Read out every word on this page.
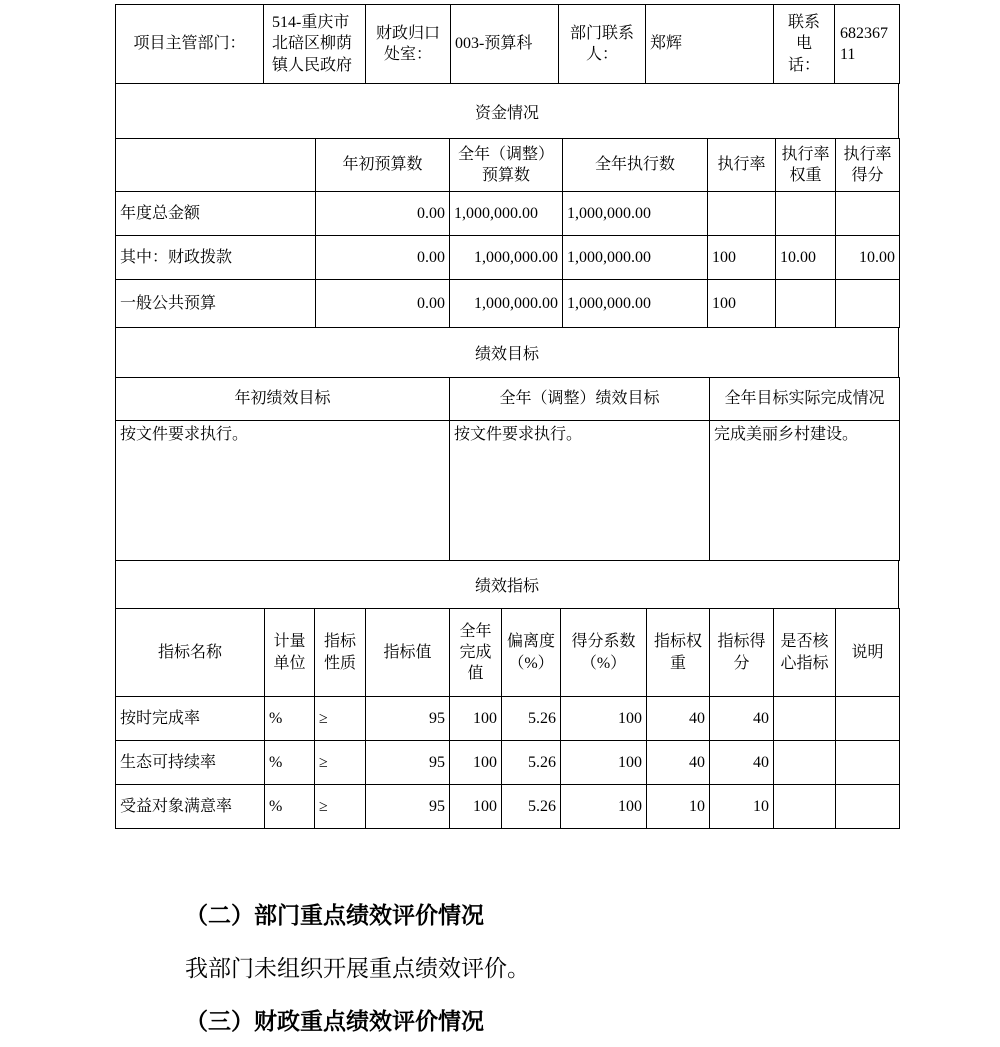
项目主管部门：	514-重庆市北碚区柳荫镇人民政府	财政归口处室：	003-预算科	部门联系人：	郑辉	联系电话：	68236711
资金情况
	年初预算数	全年（调整）预算数	全年执行数	执行率	执行率权重	执行率得分
年度总金额	0.00	1,000,000.00	1,000,000.00			
其中：财政拨款	0.00	1,000,000.00	1,000,000.00	100	10.00	10.00
一般公共预算	0.00	1,000,000.00	1,000,000.00	100		
绩效目标
年初绩效目标	全年（调整）绩效目标	全年目标实际完成情况
按文件要求执行。	按文件要求执行。	完成美丽乡村建设。
绩效指标
指标名称	计量单位	指标性质	指标值	全年完成值	偏离度（%）	得分系数（%）	指标权重	指标得分	是否核心指标	说明
按时完成率	%	≥	95	100	5.26	100	40	40		
生态可持续率	%	≥	95	100	5.26	100	40	40		
受益对象满意率	%	≥	95	100	5.26	100	10	10		
（二）部门重点绩效评价情况
我部门未组织开展重点绩效评价。
（三）财政重点绩效评价情况
